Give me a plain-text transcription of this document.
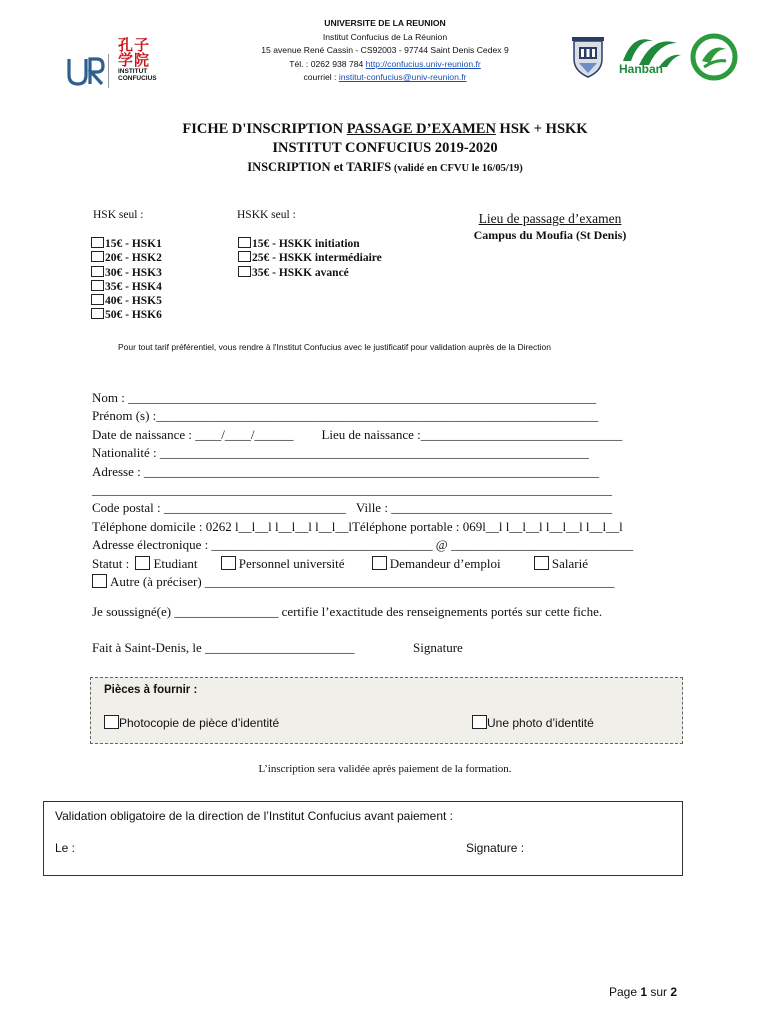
孔子学院
INSTITUT CONFUCIUS
UNIVERSITE DE LA REUNION
Institut Confucius de La Réunion
15 avenue René Cassin - CS92003 - 97744 Saint Denis Cedex 9
Tél. : 0262 938 784 http://confucius.univ-reunion.fr
courriel : institut-confucius@univ-reunion.fr
Hanban
FICHE D'INSCRIPTION PASSAGE D’EXAMEN HSK + HSKK
INSTITUT CONFUCIUS 2019-2020
INSCRIPTION et TARIFS (validé en CFVU le 16/05/19)
HSK seul :
15€ - HSK1
20€ - HSK2
30€ - HSK3
35€ - HSK4
40€ - HSK5
50€ - HSK6
HSKK seul :
15€ - HSKK initiation
25€ - HSKK intermédiaire
35€ - HSKK avancé
Lieu de passage d’examen
Campus du Moufia (St Denis)
Pour tout tarif préférentiel, vous rendre à l'Institut Confucius avec le justificatif pour validation auprès de la Direction
Nom : ________________________________________________________________________
Prénom (s) :____________________________________________________________________
Date de naissance : ____/____/______ Lieu de naissance :_______________________________
Nationalité : __________________________________________________________________
Adresse : ______________________________________________________________________
________________________________________________________________________________
Code postal : ____________________________ Ville : __________________________________
Téléphone domicile : 0262 l__l__l l__l__l l__l__lTéléphone portable : 069l__l l__l__l l__l__l l__l__l
Adresse électronique : __________________________________ @ ____________________________
Statut : Etudiant	Personnel université	Demandeur d’emploi	Salarié
Autre (à préciser) _______________________________________________________________
Je soussigné(e) ________________ certifie l’exactitude des renseignements portés sur cette fiche.
Fait à Saint-Denis, le _______________________	Signature
Pièces à fournir :
Photocopie de pièce d’identité	Une photo d’identité
L’inscription sera validée après paiement de la formation.
Validation obligatoire de la direction de l’Institut Confucius avant paiement :
Le :	Signature :
Page 1 sur 2
